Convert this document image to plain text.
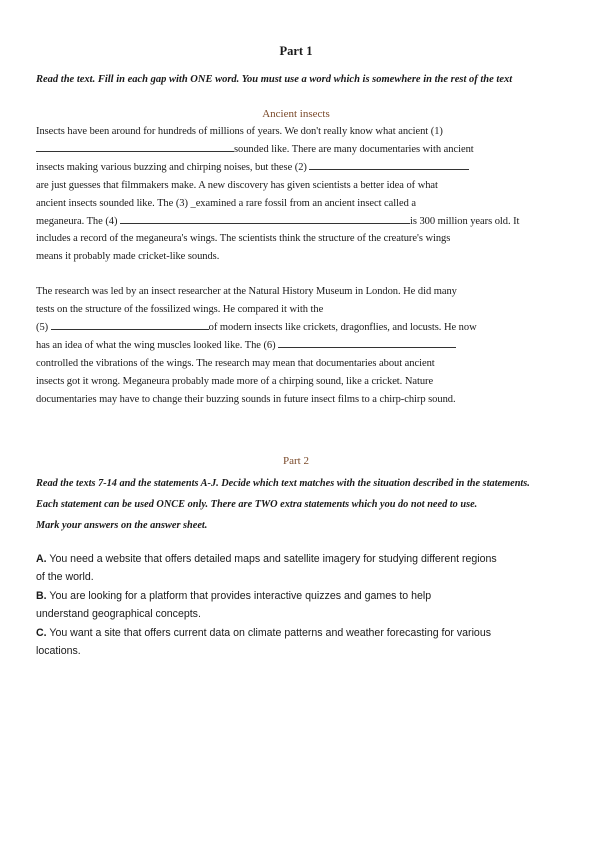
Part 1

Read the text. Fill in each gap with ONE word. You must use a word which is somewhere in the rest of the text

Ancient insects

Insects have been around for hundreds of millions of years. We don't really know what ancient (1)
sounded like. There are many documentaries with ancient
insects making various buzzing and chirping noises, but these (2)
are just guesses that filmmakers make. A new discovery has given scientists a better idea of what
ancient insects sounded like. The (3) _examined a rare fossil from an ancient insect called a
meganeura. The (4)	is 300 million years old. It
includes a record of the meganeura's wings. The scientists think the structure of the creature's wings
means it probably made cricket-like sounds.

The research was led by an insect researcher at the Natural History Museum in London. He did many
tests on the structure of the fossilized wings. He compared it with the
(5)	of modern insects like crickets, dragonflies, and locusts. He now
has an idea of what the wing muscles looked like. The (6)
controlled the vibrations of the wings. The research may mean that documentaries about ancient
insects got it wrong. Meganeura probably made more of a chirping sound, like a cricket. Nature
documentaries may have to change their buzzing sounds in future insect films to a chirp-chirp sound.

Part 2

Read the texts 7-14 and the statements A-J. Decide which text matches with the situation described in the statements.

Each statement can be used ONCE only. There are TWO extra statements which you do not need to use.

Mark your answers on the answer sheet.

A. You need a website that offers detailed maps and satellite imagery for studying different regions
of the world.

B. You are looking for a platform that provides interactive quizzes and games to help
understand geographical concepts.

C. You want a site that offers current data on climate patterns and weather forecasting for various
locations.
